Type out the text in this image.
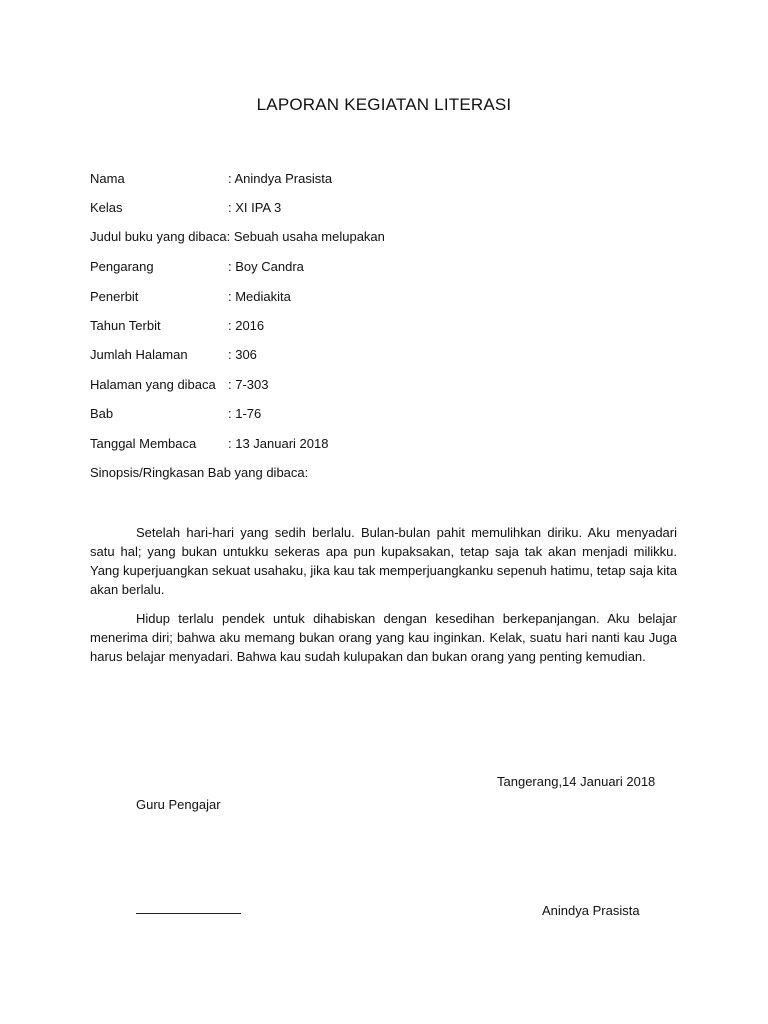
LAPORAN KEGIATAN LITERASI
Nama	: Anindya Prasista
Kelas	: XI IPA 3
Judul buku yang dibaca: Sebuah usaha melupakan
Pengarang	: Boy Candra
Penerbit	: Mediakita
Tahun Terbit	: 2016
Jumlah Halaman	: 306
Halaman yang dibaca : 7-303
Bab	: 1-76
Tanggal Membaca : 13 Januari 2018
Sinopsis/Ringkasan Bab yang dibaca:

Setelah hari-hari yang sedih berlalu. Bulan-bulan pahit memulihkan diriku. Aku menyadari satu hal; yang bukan untukku sekeras apa pun kupaksakan, tetap saja tak akan menjadi milikku. Yang kuperjuangkan sekuat usahaku, jika kau tak memperjuangkanku sepenuh hatimu, tetap saja kita akan berlalu.

Hidup terlalu pendek untuk dihabiskan dengan kesedihan berkepanjangan. Aku belajar menerima diri; bahwa aku memang bukan orang yang kau inginkan. Kelak, suatu hari nanti kau Juga harus belajar menyadari. Bahwa kau sudah kulupakan dan bukan orang yang penting kemudian.

Tangerang,14 Januari 2018
Guru Pengajar
Anindya Prasista
